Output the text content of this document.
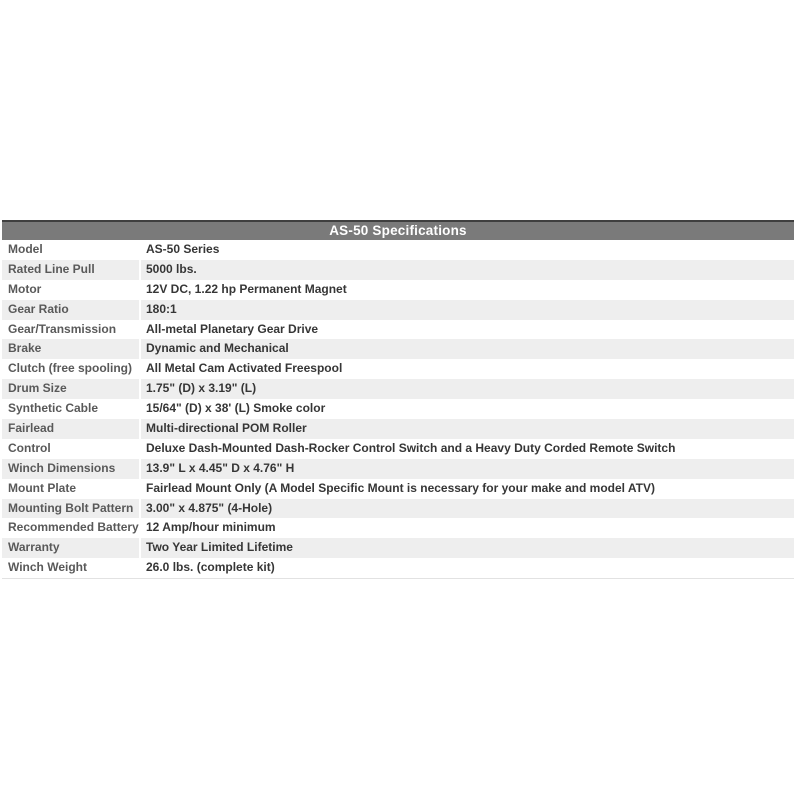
AS-50 Specifications
Model	AS-50 Series
Rated Line Pull	5000 lbs.
Motor	12V DC, 1.22 hp Permanent Magnet
Gear Ratio	180:1
Gear/Transmission	All-metal Planetary Gear Drive
Brake	Dynamic and Mechanical
Clutch (free spooling)	All Metal Cam Activated Freespool
Drum Size	1.75" (D) x 3.19" (L)
Synthetic Cable	15/64" (D) x 38' (L) Smoke color
Fairlead	Multi-directional POM Roller
Control	Deluxe Dash-Mounted Dash-Rocker Control Switch and a Heavy Duty Corded Remote Switch
Winch Dimensions	13.9" L x 4.45" D x 4.76" H
Mount Plate	Fairlead Mount Only (A Model Specific Mount is necessary for your make and model ATV)
Mounting Bolt Pattern	3.00" x 4.875" (4-Hole)
Recommended Battery 12 Amp/hour minimum
Warranty	Two Year Limited Lifetime
Winch Weight	26.0 lbs. (complete kit)
